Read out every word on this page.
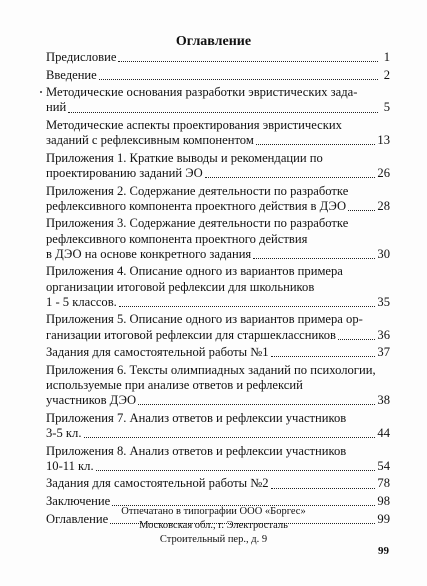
Оглавление
Предисловие	1
Введение	2
Методические основания разработки эвристических зада-
ний	5
Методические аспекты проектирования эвристических
заданий с рефлексивным компонентом	13
Приложения 1. Краткие выводы и рекомендации по
проектированию заданий ЭО	26
Приложения 2. Содержание деятельности по разработке
рефлексивного компонента проектного действия в ДЭО 28
Приложения 3. Содержание деятельности по разработке
рефлексивного компонента проектного действия
в ДЭО на основе конкретного задания	30
Приложения 4. Описание одного из вариантов примера
организации итоговой рефлексии для школьников
1 - 5 классов.	35
Приложения 5. Описание одного из вариантов примера ор-
ганизации итоговой рефлексии для старшеклассников	36
Задания для самостоятельной работы №1	37
Приложения 6. Тексты олимпиадных заданий по психологии,
используемые при анализе ответов и рефлексий
участников ДЭО	38
Приложения 7. Анализ ответов и рефлексии участников
3-5 кл.	44
Приложения 8. Анализ ответов и рефлексии участников
10-11 кл.	54
Задания для самостоятельной работы №2	78
Заключение	98
Оглавление	99
Отпечатано в типографии ООО «Боргес»
Московская обл., г. Электросталь
Строительный пер., д. 9
99
